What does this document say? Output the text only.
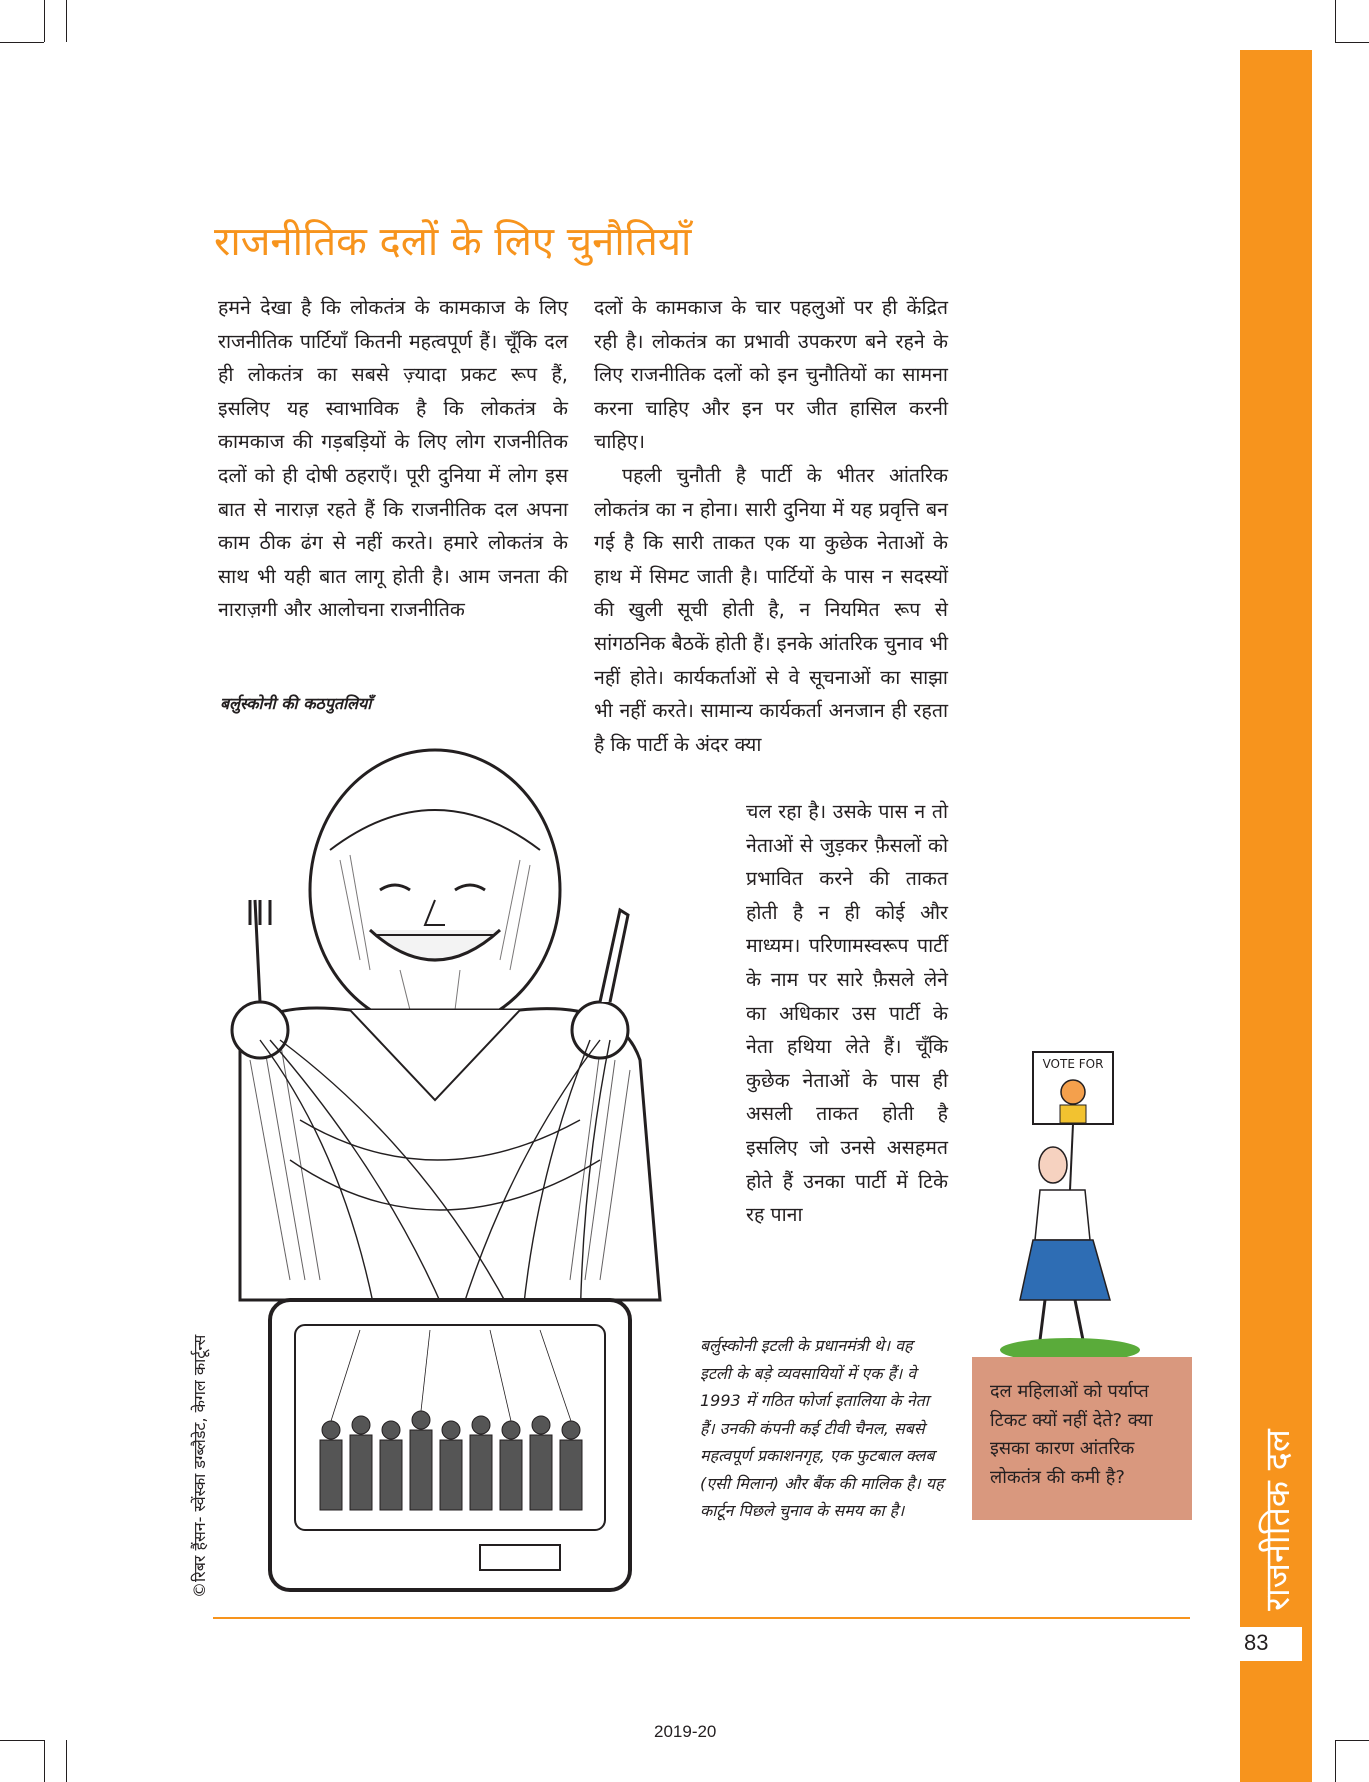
राजनीतिक दल
83
राजनीतिक दलों के लिए चुनौतियाँ

हमने देखा है कि लोकतंत्र के कामकाज के लिए राजनीतिक पार्टियाँ कितनी महत्वपूर्ण हैं। चूँकि दल ही लोकतंत्र का सबसे ज़्यादा प्रकट रूप हैं, इसलिए यह स्वाभाविक है कि लोकतंत्र के कामकाज की गड़बड़ियों के लिए लोग राजनीतिक दलों को ही दोषी ठहराएँ। पूरी दुनिया में लोग इस बात से नाराज़ रहते हैं कि राजनीतिक दल अपना काम ठीक ढंग से नहीं करते। हमारे लोकतंत्र के साथ भी यही बात लागू होती है। आम जनता की नाराज़गी और आलोचना राजनीतिक

दलों के कामकाज के चार पहलुओं पर ही केंद्रित रही है। लोकतंत्र का प्रभावी उपकरण बने रहने के लिए राजनीतिक दलों को इन चुनौतियों का सामना करना चाहिए और इन पर जीत हासिल करनी चाहिए।

पहली चुनौती है पार्टी के भीतर आंतरिक लोकतंत्र का न होना। सारी दुनिया में यह प्रवृत्ति बन गई है कि सारी ताकत एक या कुछेक नेताओं के हाथ में सिमट जाती है। पार्टियों के पास न सदस्यों की खुली सूची होती है, न नियमित रूप से सांगठनिक बैठकें होती हैं। इनके आंतरिक चुनाव भी नहीं होते। कार्यकर्ताओं से वे सूचनाओं का साझा भी नहीं करते। सामान्य कार्यकर्ता अनजान ही रहता है कि पार्टी के अंदर क्या

चल रहा है। उसके पास न तो नेताओं से जुड़कर फ़ैसलों को प्रभावित करने की ताकत होती है न ही कोई और माध्यम। परिणामस्वरूप पार्टी के नाम पर सारे फ़ैसले लेने का अधिकार उस पार्टी के नेता हथिया लेते हैं। चूँकि कुछेक नेताओं के पास ही असली ताकत होती है इसलिए जो उनसे असहमत होते हैं उनका पार्टी में टिके रह पाना

बर्लुस्कोनी की कठपुतलियाँ
©रिबर हैंसन- स्वेंस्का डग्ब्लैडेट, केगल कार्टून्स	बर्लुस्कोनी इटली के प्रधानमंत्री थे। वह इटली के बड़े व्यवसायियों में एक हैं। वे 1993 में गठित फोर्जा इतालिया के नेता हैं। उनकी कंपनी कई टीवी चैनल, सबसे महत्वपूर्ण प्रकाशनगृह, एक फुटबाल क्लब (एसी मिलान) और बैंक की मालिक है। यह कार्टून पिछले चुनाव के समय का है।
VOTE FOR
दल महिलाओं को पर्याप्त टिकट क्यों नहीं देते? क्या इसका कारण आंतरिक लोकतंत्र की कमी है?
2019-20
